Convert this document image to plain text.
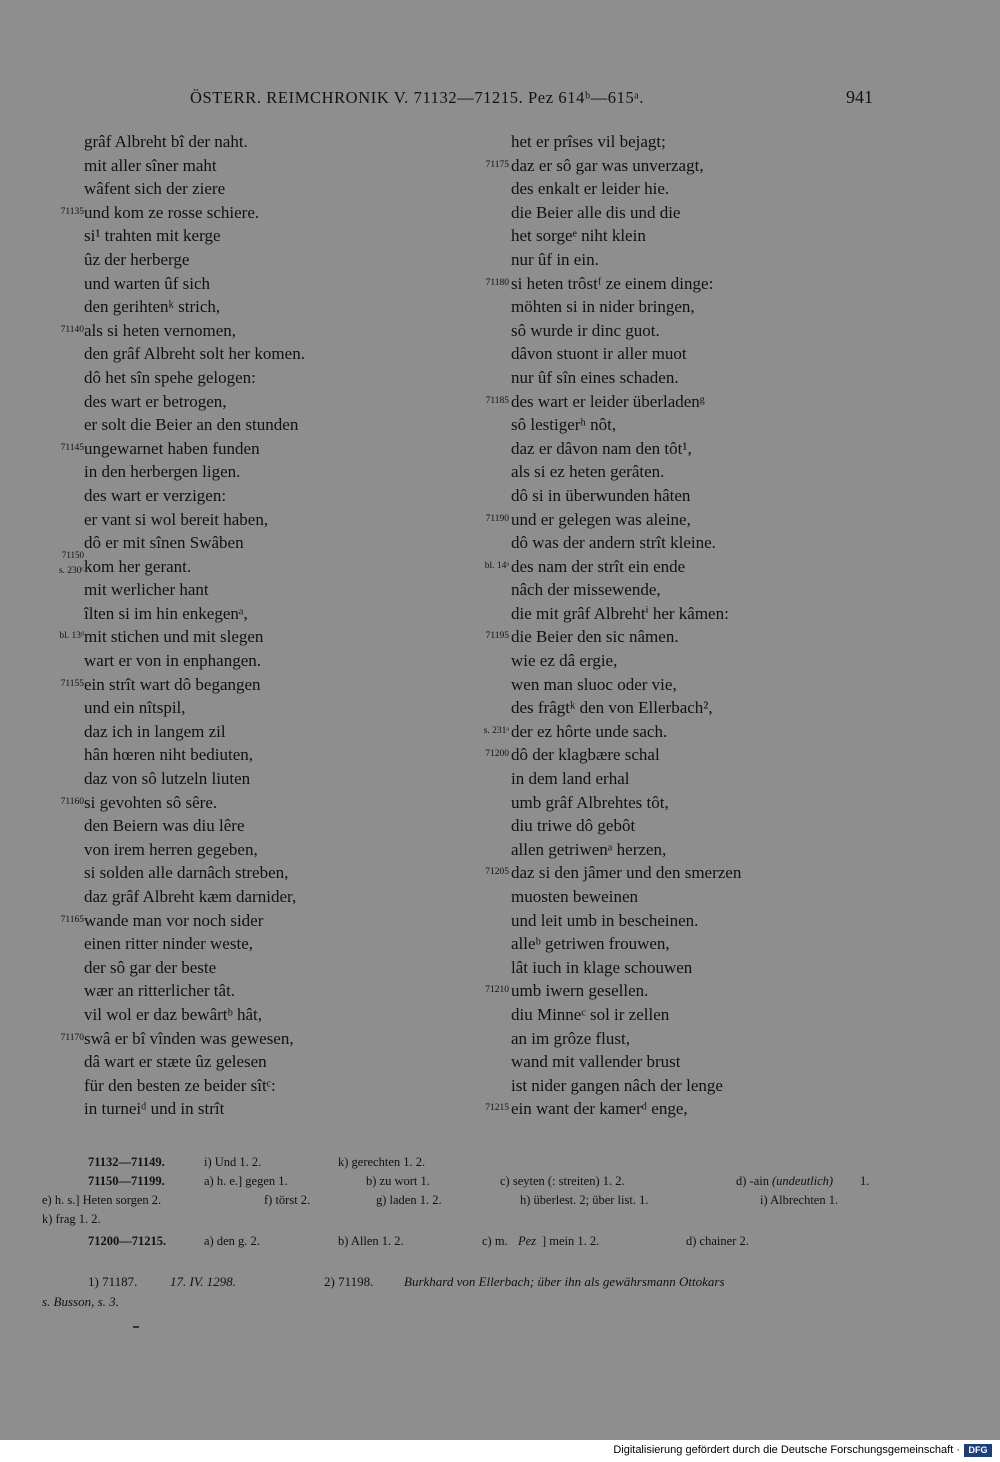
ÖSTERR. REIMCHRONIK V. 71132—71215. Pez 614ᵇ—615ᵃ.	941
grâf Albreht bî der naht.
mit aller sîner maht
wâfent sich der ziere
71135 und kom ze rosse schiere.
si¹ trahten mit kerge
ûz der herberge
und warten ûf sich
den gerihtenᵏ strich,
71140 als si heten vernomen,
den grâf Albreht solt her komen.
dô het sîn spehe gelogen:
des wart er betrogen,
er solt die Beier an den stunden
71145 ungewarnet haben funden
in den herbergen ligen.
des wart er verzigen:
er vant si wol bereit haben,
dô er mit sînen Swâben
71150
s. 230ᶜ kom her gerant.
mit werlicher hant
îlten si im hin enkegenᵃ,
bl. 13ᵈ mit stichen und mit slegen
wart er von in enphangen.
71155 ein strît wart dô begangen
und ein nîtspil,
daz ich in langem zil
hân hœren niht bediuten,
daz von sô lutzeln liuten
71160 si gevohten sô sêre.
den Beiern was diu lêre
von irem herren gegeben,
si solden alle darnâch streben,
daz grâf Albreht kæm darnider,
71165 wande man vor noch sider
einen ritter ninder weste,
der sô gar der beste
wær an ritterlicher tât.
vil wol er daz bewârtᵇ hât,
71170 swâ er bî vînden was gewesen,
dâ wart er stæte ûz gelesen
für den besten ze beider sîtᶜ:
in turneiᵈ und in strît
het er prîses vil bejagt;
71175 daz er sô gar was unverzagt,
des enkalt er leider hie.
die Beier alle dis und die
het sorgeᵉ niht klein
nur ûf in ein.
71180 si heten trôstᶠ ze einem dinge:
möhten si in nider bringen,
sô wurde ir dinc guot.
dâvon stuont ir aller muot
nur ûf sîn eines schaden.
71185 des wart er leider überladenᵍ
sô lestigerʰ nôt,
daz er dâvon nam den tôt¹,
als si ez heten gerâten.
dô si in überwunden hâten
71190 und er gelegen was aleine,
dô was der andern strît kleine.
bl. 14ᵃ des nam der strît ein ende
nâch der missewende,
die mit grâf Albrehtⁱ her kâmen:
71195 die Beier den sic nâmen.
wie ez dâ ergie,
wen man sluoc oder vie,
des frâgtᵏ den von Ellerbach²,
s. 231ᵃ der ez hôrte unde sach.
71200 dô der klagbære schal
in dem land erhal
umb grâf Albrehtes tôt,
diu triwe dô gebôt
allen getriwenᵃ herzen,
71205 daz si den jâmer und den smerzen
muosten beweinen
und leit umb in bescheinen.
alleᵇ getriwen frouwen,
lât iuch in klage schouwen
71210 umb iwern gesellen.
diu Minneᶜ sol ir zellen
an im grôze flust,
wand mit vallender brust
ist nider gangen nâch der lenge
71215 ein want der kamerᵈ enge,
71132—71149.	i) Und 1. 2.	k) gerechten 1. 2.
71150—71199.	a) h. e.] gegen 1.	b) zu wort 1.	c) seyten (: streiten) 1. 2.	d) -ain (undeutlich) 1.
e) h. s.] Heten sorgen 2.	f) törst 2.	g) laden 1. 2.	h) überlest. 2; über list. 1.	i) Albrechten 1.
k) frag 1. 2.
71200—71215.	a) den g. 2.	b) Allen 1. 2.	c) m. Pez ] mein 1. 2.	d) chainer 2.
1) 71187.	17. IV. 1298.	2) 71198. Burkhard von Ellerbach; über ihn als gewährsmann Ottokars
s. Busson, s. 3.
Digitalisierung gefördert durch die Deutsche Forschungsgemeinschaft · DFG
